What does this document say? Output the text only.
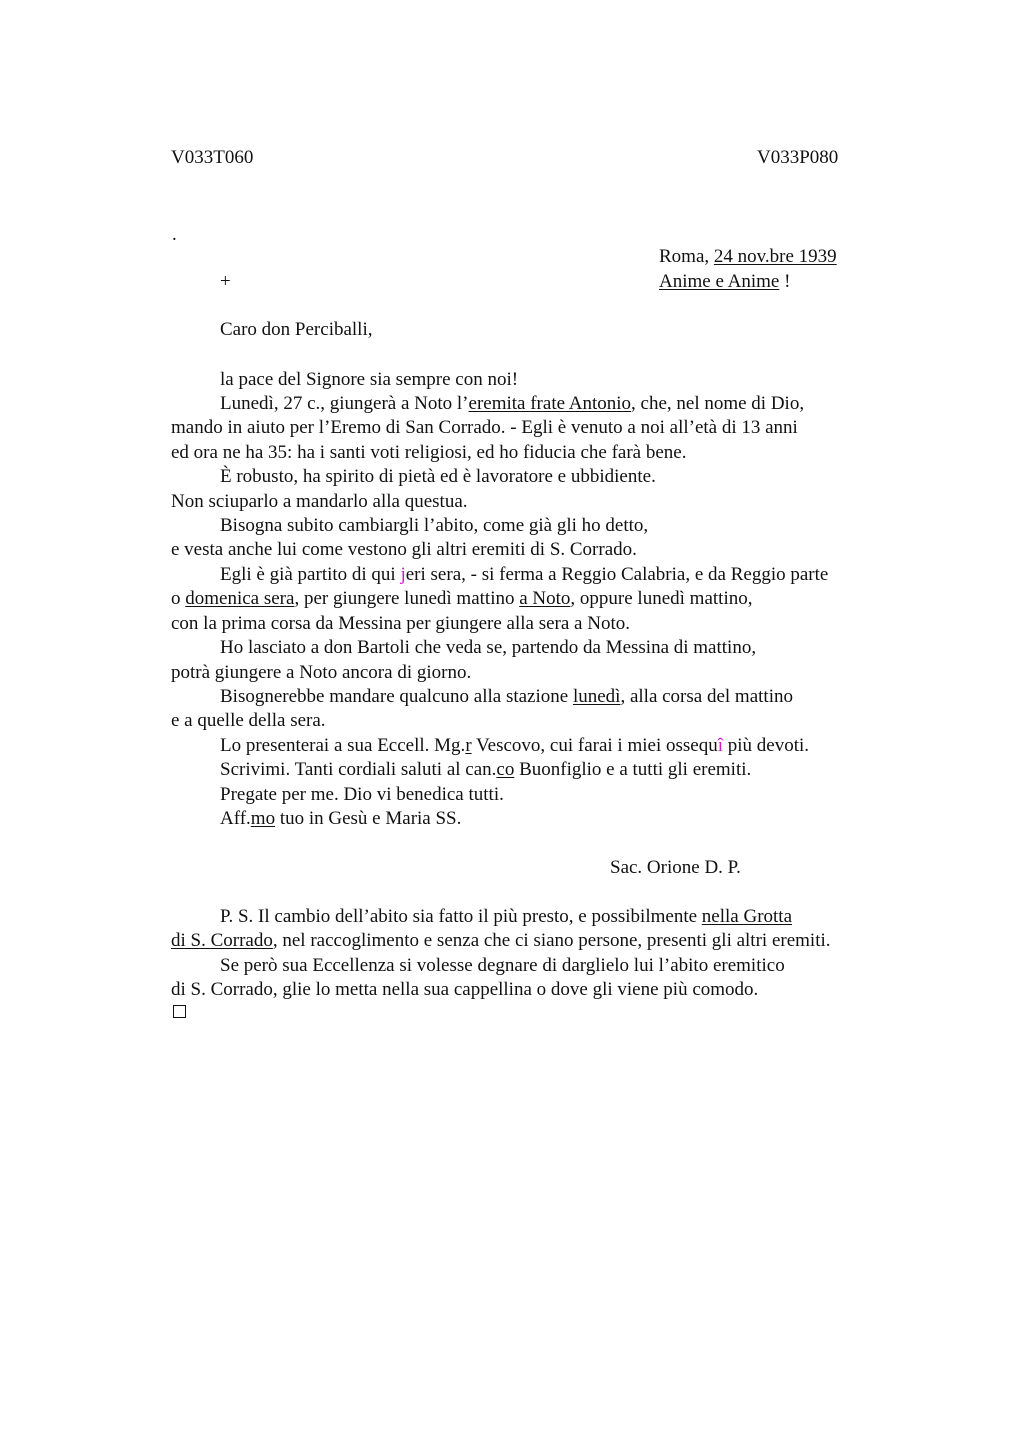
V033T060	V033P080
.
Roma, 24 nov.bre 1939
+	Anime e Anime !
Caro don Perciballi,
la pace del Signore sia sempre con noi!
Lunedì, 27 c., giungerà a Noto l’eremita frate Antonio, che, nel nome di Dio,
mando in aiuto per l’Eremo di San Corrado. - Egli è venuto a noi all’età di 13 anni
ed ora ne ha 35: ha i santi voti religiosi, ed ho fiducia che farà bene.
È robusto, ha spirito di pietà ed è lavoratore e ubbidiente.
Non sciuparlo a mandarlo alla questua.
Bisogna subito cambiargli l’abito, come già gli ho detto,
e vesta anche lui come vestono gli altri eremiti di S. Corrado.
Egli è già partito di qui jeri sera, - si ferma a Reggio Calabria, e da Reggio parte
o domenica sera, per giungere lunedì mattino a Noto, oppure lunedì mattino,
con la prima corsa da Messina per giungere alla sera a Noto.
Ho lasciato a don Bartoli che veda se, partendo da Messina di mattino,
potrà giungere a Noto ancora di giorno.
Bisognerebbe mandare qualcuno alla stazione lunedì, alla corsa del mattino
e a quelle della sera.
Lo presenterai a sua Eccell. Mg.r Vescovo, cui farai i miei ossequî più devoti.
Scrivimi. Tanti cordiali saluti al can.co Buonfiglio e a tutti gli eremiti.
Pregate per me. Dio vi benedica tutti.
Aff.mo tuo in Gesù e Maria SS.
Sac. Orione D. P.
P. S. Il cambio dell’abito sia fatto il più presto, e possibilmente nella Grotta
di S. Corrado, nel raccoglimento e senza che ci siano persone, presenti gli altri eremiti.
Se però sua Eccellenza si volesse degnare di darglielo lui l’abito eremitico
di S. Corrado, glie lo metta nella sua cappellina o dove gli viene più comodo.
